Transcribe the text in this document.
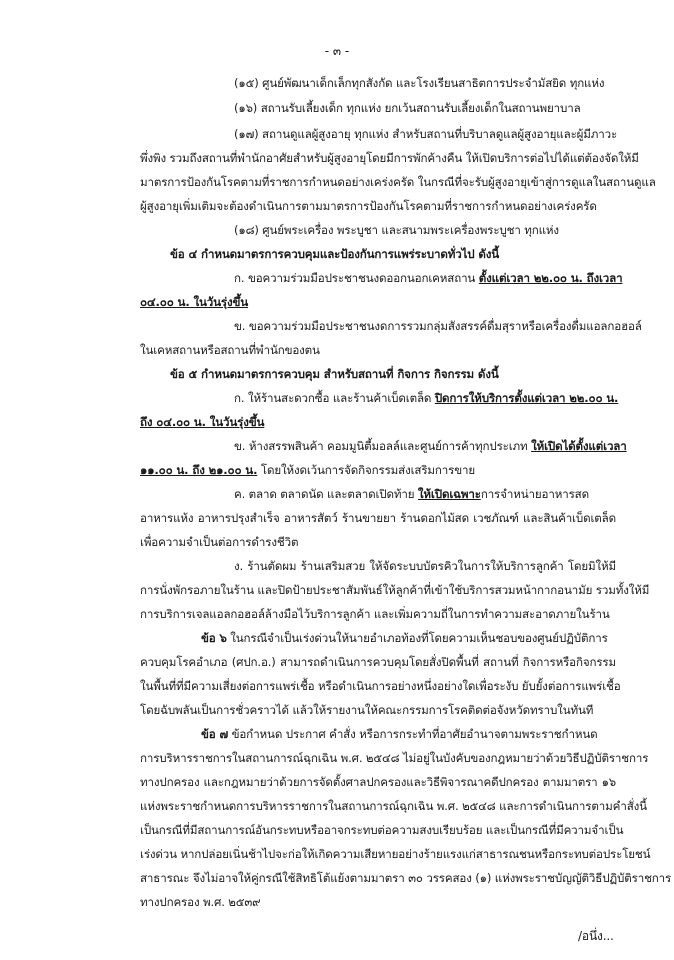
- ๓ -
(๑๕) ศูนย์พัฒนาเด็กเล็กทุกสังกัด และโรงเรียนสาธิตการประจำมัสยิด ทุกแห่ง
(๑๖) สถานรับเลี้ยงเด็ก ทุกแห่ง ยกเว้นสถานรับเลี้ยงเด็กในสถานพยาบาล
(๑๗) สถานดูแลผู้สูงอายุ ทุกแห่ง สำหรับสถานที่บริบาลดูแลผู้สูงอายุและผู้มีภาวะ
พึ่งพิง รวมถึงสถานที่พำนักอาศัยสำหรับผู้สูงอายุโดยมีการพักค้างคืน ให้เปิดบริการต่อไปได้แต่ต้องจัดให้มี
มาตรการป้องกันโรคตามที่ราชการกำหนดอย่างเคร่งครัด ในกรณีที่จะรับผู้สูงอายุเข้าสู่การดูแลในสถานดูแล
ผู้สูงอายุเพิ่มเติมจะต้องดำเนินการตามมาตรการป้องกันโรคตามที่ราชการกำหนดอย่างเคร่งครัด
(๑๘) ศูนย์พระเครื่อง พระบูชา และสนามพระเครื่องพระบูชา ทุกแห่ง
ข้อ ๔ กำหนดมาตรการควบคุมและป้องกันการแพร่ระบาดทั่วไป ดังนี้
ก. ขอความร่วมมือประชาชนงดออกนอกเคหสถาน ตั้งแต่เวลา ๒๒.๐๐ น. ถึงเวลา
๐๔.๐๐ น. ในวันรุ่งขึ้น
ข. ขอความร่วมมือประชาชนงดการรวมกลุ่มสังสรรค์ดื่มสุราหรือเครื่องดื่มแอลกอฮอล์
ในเคหสถานหรือสถานที่พำนักของตน
ข้อ ๕ กำหนดมาตรการควบคุม สำหรับสถานที่ กิจการ กิจกรรม ดังนี้
ก. ให้ร้านสะดวกซื้อ และร้านค้าเบ็ดเตล็ด ปิดการให้บริการตั้งแต่เวลา ๒๒.๐๐ น.
ถึง ๐๔.๐๐ น. ในวันรุ่งขึ้น
ข. ห้างสรรพสินค้า คอมมูนิตี้มอลล์และศูนย์การค้าทุกประเภท ให้เปิดได้ตั้งแต่เวลา
๑๑.๐๐ น. ถึง ๒๑.๐๐ น. โดยให้งดเว้นการจัดกิจกรรมส่งเสริมการขาย
ค. ตลาด ตลาดนัด และตลาดเปิดท้าย ให้เปิดเฉพาะการจำหน่ายอาหารสด
อาหารแห้ง อาหารปรุงสำเร็จ อาหารสัตว์ ร้านขายยา ร้านดอกไม้สด เวชภัณฑ์ และสินค้าเบ็ดเตล็ด
เพื่อความจำเป็นต่อการดำรงชีวิต
ง. ร้านตัดผม ร้านเสริมสวย ให้จัดระบบบัตรคิวในการให้บริการลูกค้า โดยมิให้มี
การนั่งพักรอภายในร้าน และปิดป้ายประชาสัมพันธ์ให้ลูกค้าที่เข้าใช้บริการสวมหน้ากากอนามัย รวมทั้งให้มี
การบริการเจลแอลกอฮอล์ล้างมือไว้บริการลูกค้า และเพิ่มความถี่ในการทำความสะอาดภายในร้าน
ข้อ ๖ ในกรณีจำเป็นเร่งด่วนให้นายอำเภอท้องที่โดยความเห็นชอบของศูนย์ปฏิบัติการ
ควบคุมโรคอำเภอ (ศปก.อ.) สามารถดำเนินการควบคุมโดยสั่งปิดพื้นที่ สถานที่ กิจการหรือกิจกรรม
ในพื้นที่ที่มีความเสี่ยงต่อการแพร่เชื้อ หรือดำเนินการอย่างหนึ่งอย่างใดเพื่อระงับ ยับยั้งต่อการแพร่เชื้อ
โดยฉับพลันเป็นการชั่วคราวได้ แล้วให้รายงานให้คณะกรรมการโรคติดต่อจังหวัดทราบในทันที
ข้อ ๗ ข้อกำหนด ประกาศ คำสั่ง หรือการกระทำที่อาศัยอำนาจตามพระราชกำหนด
การบริหารราชการในสถานการณ์ฉุกเฉิน พ.ศ. ๒๕๔๘ ไม่อยู่ในบังคับของกฎหมายว่าด้วยวิธีปฏิบัติราชการ
ทางปกครอง และกฎหมายว่าด้วยการจัดตั้งศาลปกครองและวิธีพิจารณาคดีปกครอง ตามมาตรา ๑๖
แห่งพระราชกำหนดการบริหารราชการในสถานการณ์ฉุกเฉิน พ.ศ. ๒๕๔๘ และการดำเนินการตามคำสั่งนี้
เป็นกรณีที่มีสถานการณ์อันกระทบหรืออาจกระทบต่อความสงบเรียบร้อย และเป็นกรณีที่มีความจำเป็น
เร่งด่วน หากปล่อยเนิ่นช้าไปจะก่อให้เกิดความเสียหายอย่างร้ายแรงแก่สาธารณชนหรือกระทบต่อประโยชน์
สาธารณะ จึงไม่อาจให้คู่กรณีใช้สิทธิโต้แย้งตามมาตรา ๓๐ วรรคสอง (๑) แห่งพระราชบัญญัติวิธีปฏิบัติราชการ
ทางปกครอง พ.ศ. ๒๕๓๙
/อนึ่ง...
